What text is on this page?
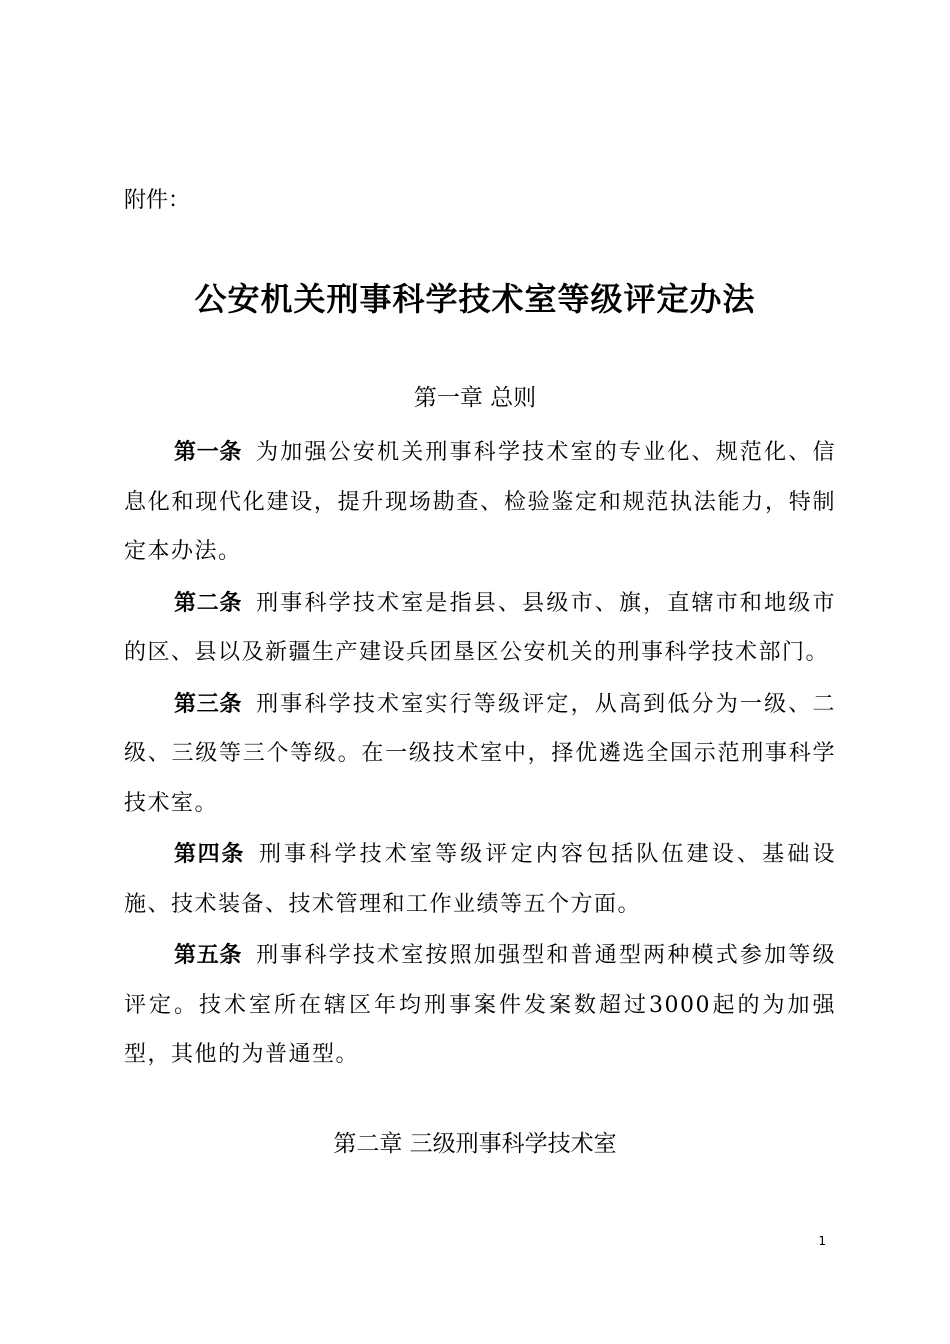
附件：

公安机关刑事科学技术室等级评定办法
第一章 总则

第一条 为加强公安机关刑事科学技术室的专业化、规范化、信息化和现代化建设，提升现场勘查、检验鉴定和规范执法能力，特制定本办法。

第二条 刑事科学技术室是指县、县级市、旗，直辖市和地级市的区、县以及新疆生产建设兵团垦区公安机关的刑事科学技术部门。

第三条 刑事科学技术室实行等级评定，从高到低分为一级、二级、三级等三个等级。在一级技术室中，择优遴选全国示范刑事科学技术室。

第四条 刑事科学技术室等级评定内容包括队伍建设、基础设施、技术装备、技术管理和工作业绩等五个方面。

第五条 刑事科学技术室按照加强型和普通型两种模式参加等级评定。技术室所在辖区年均刑事案件发案数超过3000起的为加强型，其他的为普通型。

第二章 三级刑事科学技术室
1
